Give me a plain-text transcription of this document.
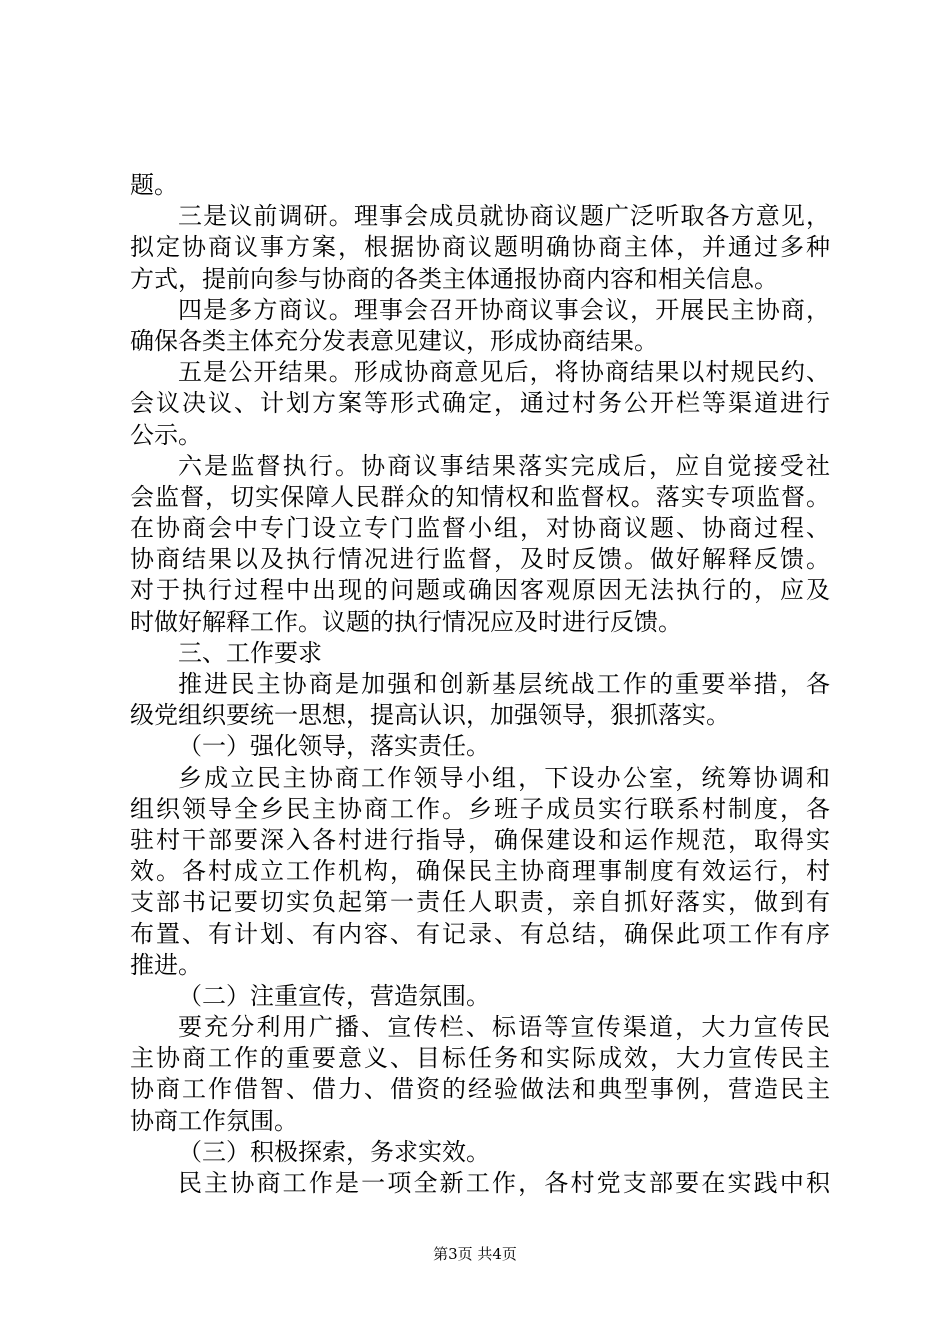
题。
三是议前调研。理事会成员就协商议题广泛听取各方意见，
拟定协商议事方案，根据协商议题明确协商主体，并通过多种
方式，提前向参与协商的各类主体通报协商内容和相关信息。
四是多方商议。理事会召开协商议事会议，开展民主协商，
确保各类主体充分发表意见建议，形成协商结果。
五是公开结果。形成协商意见后，将协商结果以村规民约、
会议决议、计划方案等形式确定，通过村务公开栏等渠道进行
公示。
六是监督执行。协商议事结果落实完成后，应自觉接受社
会监督，切实保障人民群众的知情权和监督权。落实专项监督。
在协商会中专门设立专门监督小组，对协商议题、协商过程、
协商结果以及执行情况进行监督，及时反馈。做好解释反馈。
对于执行过程中出现的问题或确因客观原因无法执行的，应及
时做好解释工作。议题的执行情况应及时进行反馈。
三、工作要求
推进民主协商是加强和创新基层统战工作的重要举措，各
级党组织要统一思想，提高认识，加强领导，狠抓落实。
（一）强化领导，落实责任。
乡成立民主协商工作领导小组，下设办公室，统筹协调和
组织领导全乡民主协商工作。乡班子成员实行联系村制度，各
驻村干部要深入各村进行指导，确保建设和运作规范，取得实
效。各村成立工作机构，确保民主协商理事制度有效运行，村
支部书记要切实负起第一责任人职责，亲自抓好落实，做到有
布置、有计划、有内容、有记录、有总结，确保此项工作有序
推进。
（二）注重宣传，营造氛围。
要充分利用广播、宣传栏、标语等宣传渠道，大力宣传民
主协商工作的重要意义、目标任务和实际成效，大力宣传民主
协商工作借智、借力、借资的经验做法和典型事例，营造民主
协商工作氛围。
（三）积极探索，务求实效。
民主协商工作是一项全新工作，各村党支部要在实践中积
第3页 共4页
